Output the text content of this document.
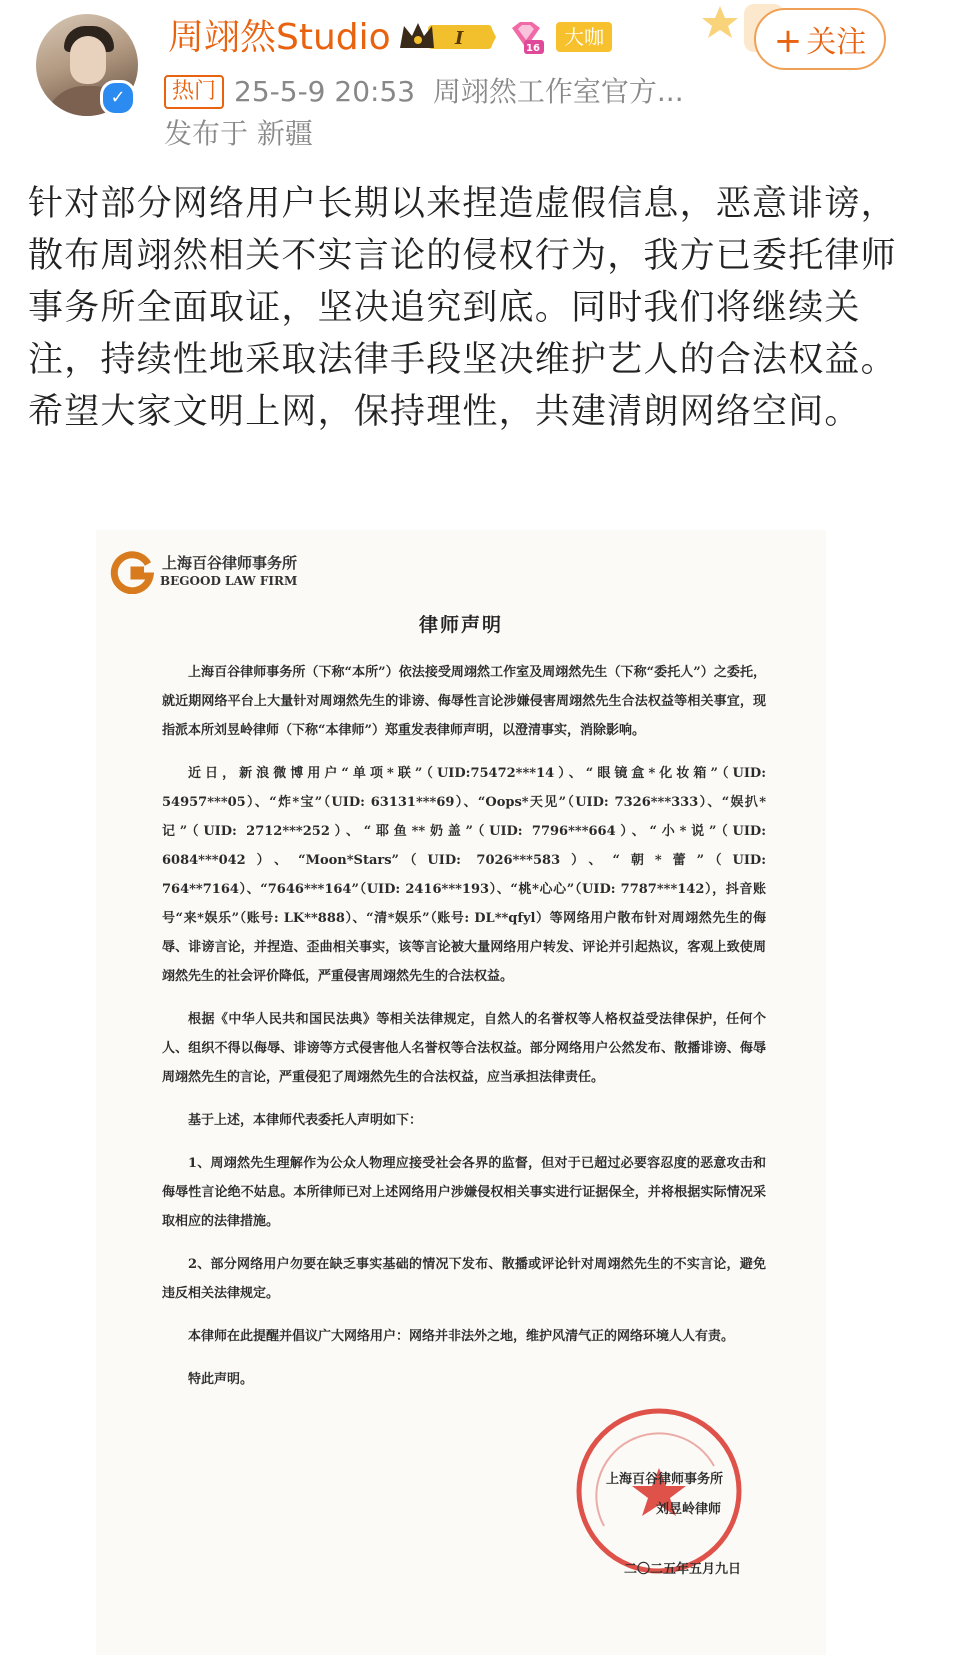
✓
周翊然Studio	I	16	大咖	+ 关注
热门 25-5-9 20:53 周翊然工作室官方...
发布于 新疆
针对部分网络用户长期以来捏造虚假信息，恶意诽谤，散布周翊然相关不实言论的侵权行为，我方已委托律师事务所全面取证，坚决追究到底。同时我们将继续关注，持续性地采取法律手段坚决维护艺人的合法权益。希望大家文明上网，保持理性，共建清朗网络空间。
上海百谷律师事务所
BEGOOD LAW FIRM
律师声明

上海百谷律师事务所（下称“本所”）依法接受周翊然工作室及周翊然先生（下称“委托人”）之委托，就近期网络平台上大量针对周翊然先生的诽谤、侮辱性言论涉嫌侵害周翊然先生合法权益等相关事宜，现指派本所刘昱岭律师（下称“本律师”）郑重发表律师声明，以澄清事实，消除影响。

近日，新浪微博用户“单项*联”（UID:75472***14）、“眼镜盒*化妆箱”（UID: 54957***05）、“炸*宝”（UID: 63131***69）、“Oops*天见”（UID: 7326***333）、“娱扒*记”（UID: 2712***252）、“耶鱼**奶盖”（UID: 7796***664）、“小*说”（UID: 6084***042）、“Moon*Stars”（UID: 7026***583）、“朝*蕾”（UID: 764**7164）、“7646***164”（UID: 2416***193）、“桃*心心”（UID: 7787***142），抖音账号“来*娱乐”（账号: LK**888）、“清*娱乐”（账号: DL**qfyl）等网络用户散布针对周翊然先生的侮辱、诽谤言论，并捏造、歪曲相关事实，该等言论被大量网络用户转发、评论并引起热议，客观上致使周翊然先生的社会评价降低，严重侵害周翊然先生的合法权益。

根据《中华人民共和国民法典》等相关法律规定，自然人的名誉权等人格权益受法律保护，任何个人、组织不得以侮辱、诽谤等方式侵害他人名誉权等合法权益。部分网络用户公然发布、散播诽谤、侮辱周翊然先生的言论，严重侵犯了周翊然先生的合法权益，应当承担法律责任。

基于上述，本律师代表委托人声明如下：

1、周翊然先生理解作为公众人物理应接受社会各界的监督，但对于已超过必要容忍度的恶意攻击和侮辱性言论绝不姑息。本所律师已对上述网络用户涉嫌侵权相关事实进行证据保全，并将根据实际情况采取相应的法律措施。

2、部分网络用户勿要在缺乏事实基础的情况下发布、散播或评论针对周翊然先生的不实言论，避免违反相关法律规定。

本律师在此提醒并倡议广大网络用户：网络并非法外之地，维护风清气正的网络环境人人有责。

特此声明。

上海百谷律师事务所
刘昱岭律师
二〇二五年五月九日
